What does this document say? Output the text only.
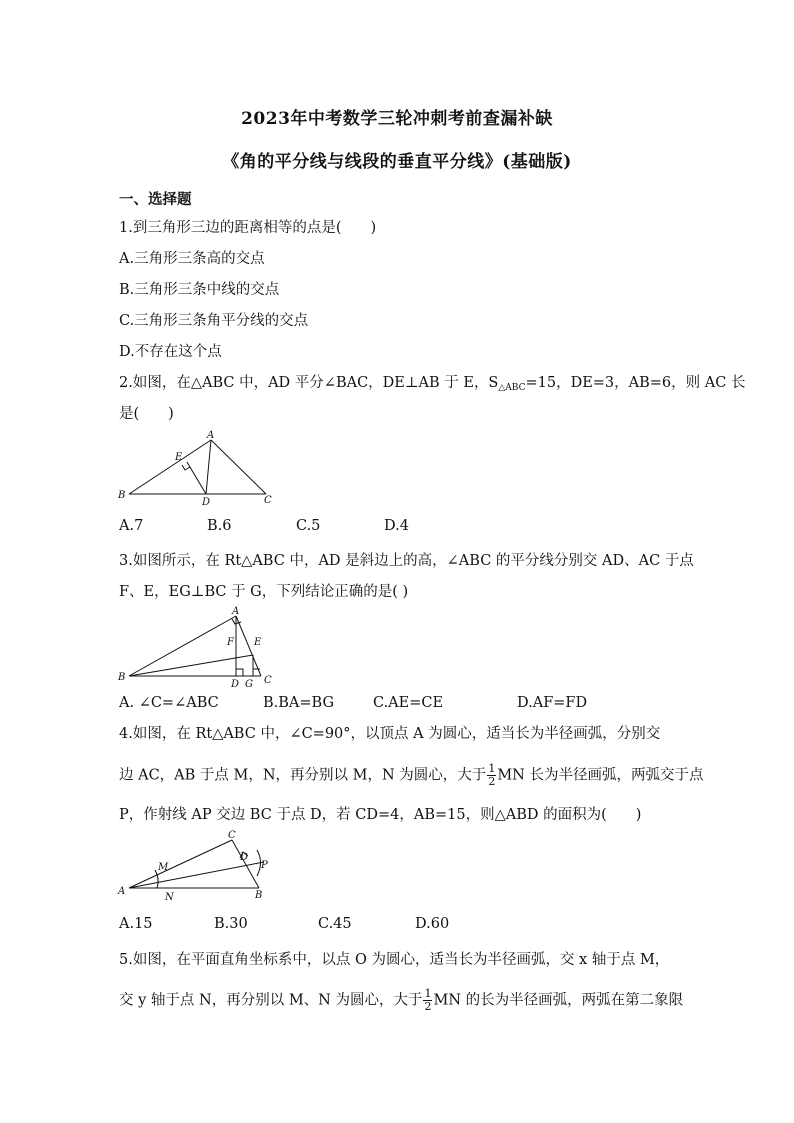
2023年中考数学三轮冲刺考前查漏补缺
《角的平分线与线段的垂直平分线》(基础版)
一、选择题
1.到三角形三边的距离相等的点是(　　)
A.三角形三条高的交点
B.三角形三条中线的交点
C.三角形三条角平分线的交点
D.不存在这个点
2.如图，在△ABC 中，AD 平分∠BAC，DE⊥AB 于 E，$S_{\triangle ABC}=15$，DE=3，AB=6，则 AC 长
是(　　)
A
B	C
D
E
A.7	B.6	C.5	D.4
3.如图所示，在 Rt△ABC 中，AD 是斜边上的高，∠ABC 的平分线分别交 AD、AC 于点
F、E，EG⊥BC 于 G，下列结论正确的是( )
A
B	C
D
E
F
G
A. ∠C=∠ABC	B.BA=BG	C.AE=CE	D.AF=FD
4.如图，在 Rt△ABC 中，∠C=90°，以顶点 A 为圆心，适当长为半径画弧，分别交
边 AC，AB 于点 M，N，再分别以 M，N 为圆心，大于 $\frac{1}{2}$ MN 长为半径画弧，两弧交于点
P，作射线 AP 交边 BC 于点 D，若 CD=4，AB=15，则△ABD 的面积为(　　)
C
A	B
D
M
N
P
A.15	B.30	C.45	D.60
5.如图，在平面直角坐标系中，以点 O 为圆心，适当长为半径画弧，交 x 轴于点 M，
交 y 轴于点 N，再分别以 M、N 为圆心，大于 $\frac{1}{2}$ MN 的长为半径画弧，两弧在第二象限
